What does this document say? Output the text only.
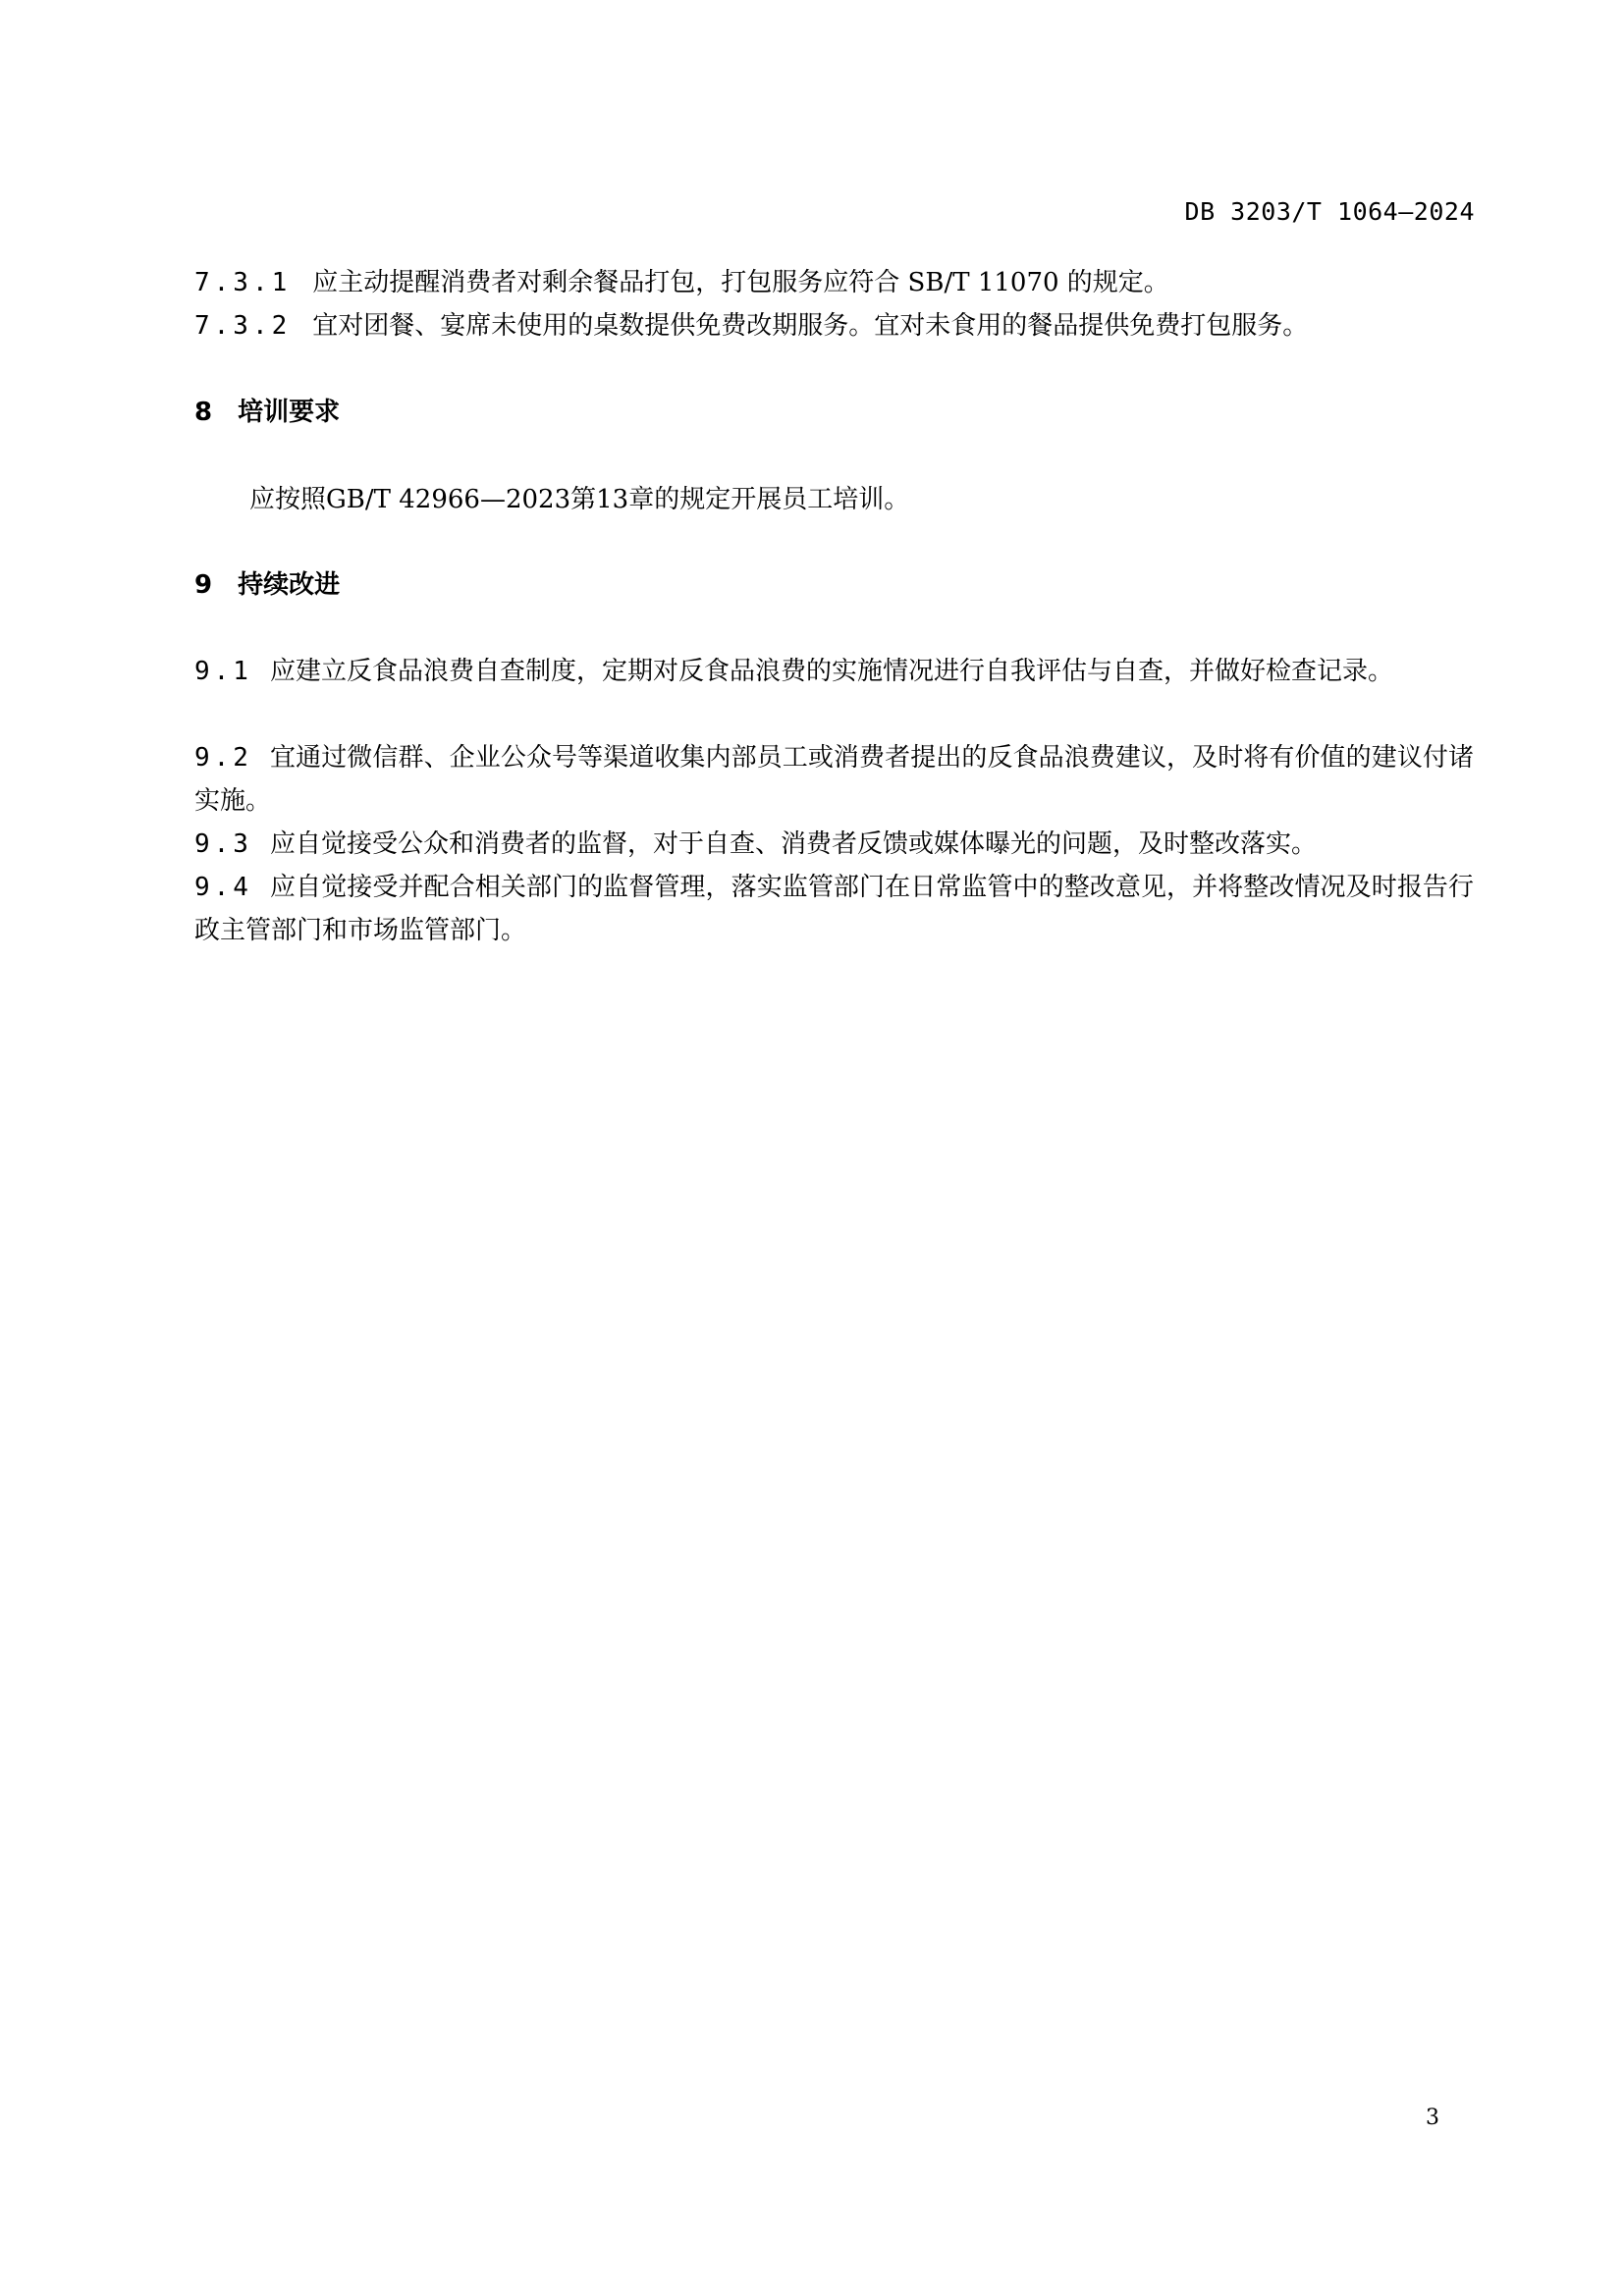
DB 3203/T 1064—2024
7.3.1 应主动提醒消费者对剩余餐品打包，打包服务应符合 SB/T 11070 的规定。
7.3.2 宜对团餐、宴席未使用的桌数提供免费改期服务。宜对未食用的餐品提供免费打包服务。
8 培训要求
应按照GB/T 42966—2023第13章的规定开展员工培训。
9 持续改进
9.1 应建立反食品浪费自查制度，定期对反食品浪费的实施情况进行自我评估与自查，并做好检查记录。
9.2 宜通过微信群、企业公众号等渠道收集内部员工或消费者提出的反食品浪费建议，及时将有价值的建议付诸实施。
9.3 应自觉接受公众和消费者的监督，对于自查、消费者反馈或媒体曝光的问题，及时整改落实。
9.4 应自觉接受并配合相关部门的监督管理，落实监管部门在日常监管中的整改意见，并将整改情况及时报告行政主管部门和市场监管部门。
3
